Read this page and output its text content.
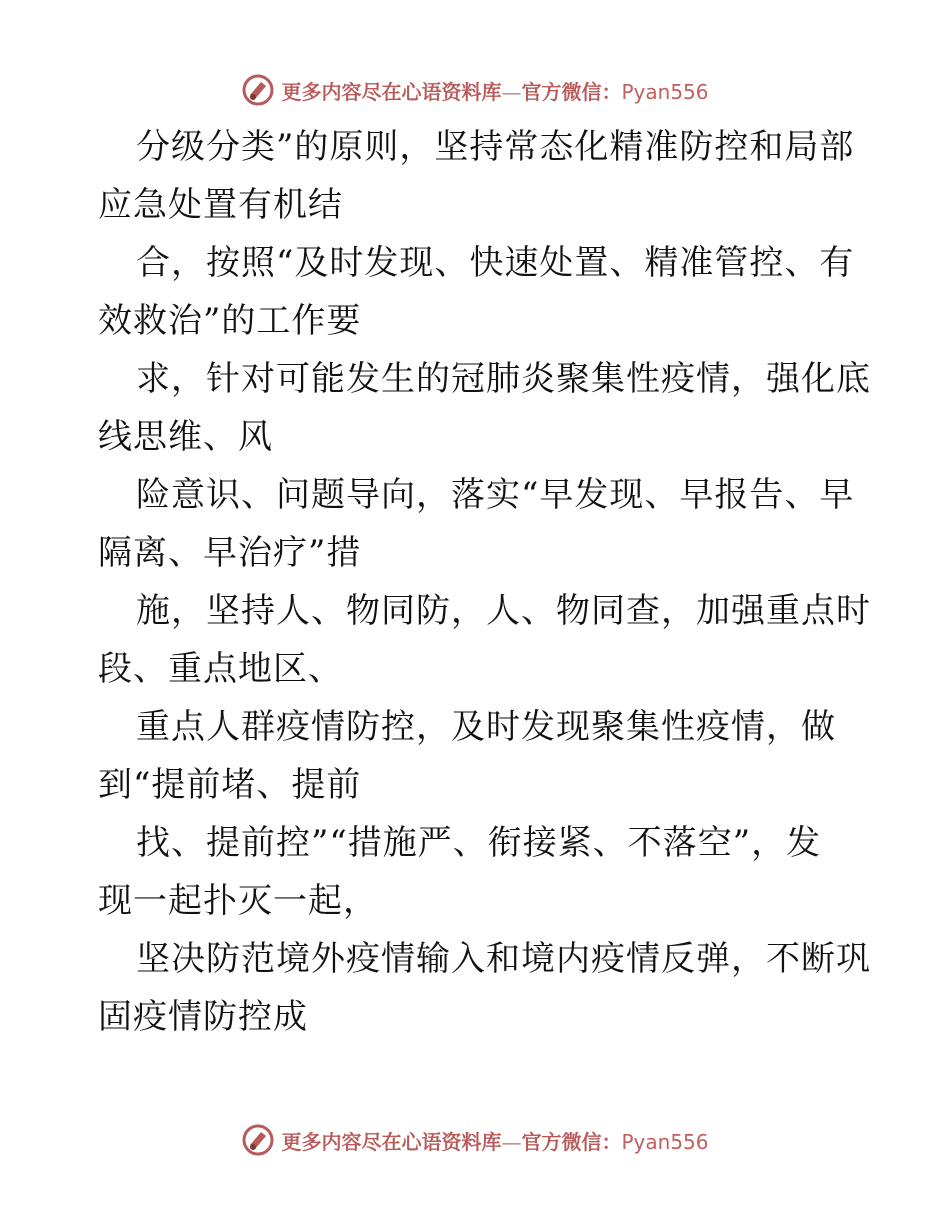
更多内容尽在心语资料库—官方微信：Pyan556
分级分类”的原则，坚持常态化精准防控和局部
应急处置有机结
合，按照“及时发现、快速处置、精准管控、有
效救治”的工作要
求，针对可能发生的冠肺炎聚集性疫情，强化底
线思维、风
险意识、问题导向，落实“早发现、早报告、早
隔离、早治疗”措
施，坚持人、物同防，人、物同查，加强重点时
段、重点地区、
重点人群疫情防控，及时发现聚集性疫情，做
到“提前堵、提前
找、提前控”“措施严、衔接紧、不落空”，发
现一起扑灭一起，
坚决防范境外疫情输入和境内疫情反弹，不断巩
固疫情防控成
更多内容尽在心语资料库—官方微信：Pyan556
